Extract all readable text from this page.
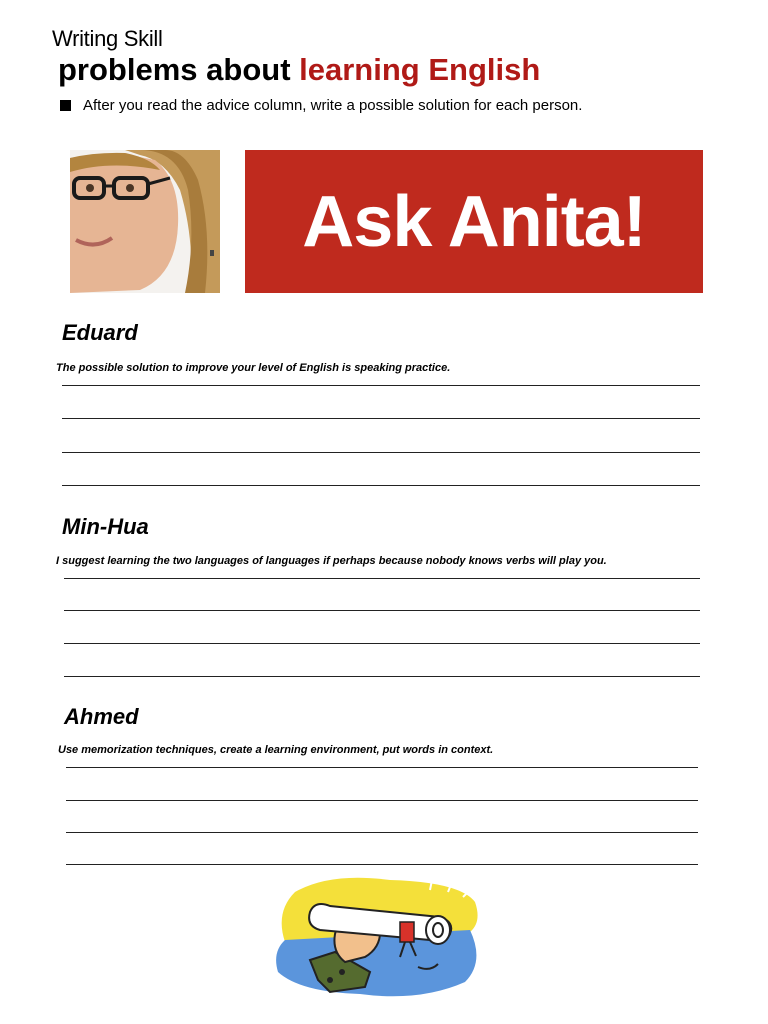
Writing Skill
problems about learning English
After you read the advice column, write a possible solution for each person.
Ask Anita!
Eduard
The possible solution to improve your level of English is speaking practice.
Min-Hua
I suggest learning the two languages of languages if perhaps because nobody knows verbs will play you.
Ahmed
Use memorization techniques, create a learning environment, put words in context.
